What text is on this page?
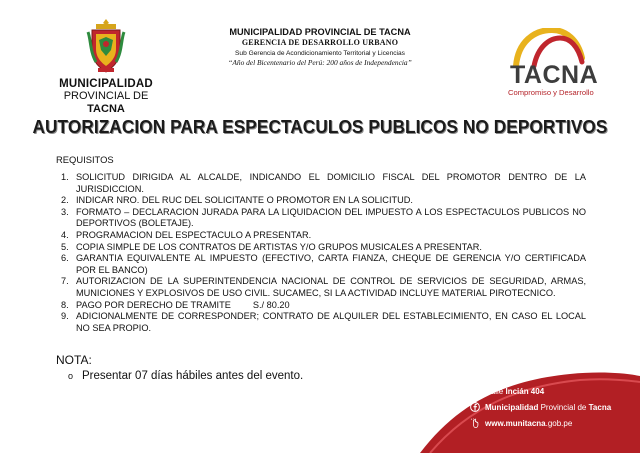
MUNICIPALIDAD
PROVINCIAL DE TACNA
MUNICIPALIDAD PROVINCIAL DE TACNA
GERENCIA DE DESARROLLO URBANO
Sub Gerencia de Acondicionamiento Territorial y Licencias
“Año del Bicentenario del Perú: 200 años de Independencia”	TACNA
Compromiso y Desarrollo
AUTORIZACION PARA ESPECTACULOS PUBLICOS NO DEPORTIVOS
REQUISITOS
1. SOLICITUD DIRIGIDA AL ALCALDE, INDICANDO EL DOMICILIO FISCAL DEL PROMOTOR DENTRO DE LA JURISDICCION.
2. INDICAR NRO. DEL RUC DEL SOLICITANTE O PROMOTOR EN LA SOLICITUD.
3. FORMATO – DECLARACION JURADA PARA LA LIQUIDACION DEL IMPUESTO A LOS ESPECTACULOS PUBLICOS NO DEPORTIVOS (BOLETAJE).
4. PROGRAMACION DEL ESPECTACULO A PRESENTAR.
5. COPIA SIMPLE DE LOS CONTRATOS DE ARTISTAS Y/O GRUPOS MUSICALES A PRESENTAR.
6. GARANTIA EQUIVALENTE AL IMPUESTO (EFECTIVO, CARTA FIANZA, CHEQUE DE GERENCIA Y/O CERTIFICADA POR EL BANCO)
7. AUTORIZACION DE LA SUPERINTENDENCIA NACIONAL DE CONTROL DE SERVICIOS DE SEGURIDAD, ARMAS, MUNICIONES Y EXPLOSIVOS DE USO CIVIL. SUCAMEC, SI LA ACTIVIDAD INCLUYE MATERIAL PIROTECNICO.
8. PAGO POR DERECHO DE TRAMITE S./ 80.20
9. ADICIONALMENTE DE CORRESPONDER; CONTRATO DE ALQUILER DEL ESTABLECIMIENTO, EN CASO EL LOCAL NO SEA PROPIO.
NOTA:
o Presentar 07 días hábiles antes del evento.
Calle Incián 404
Municipalidad Provincial de Tacna
www.munitacna.gob.pe
